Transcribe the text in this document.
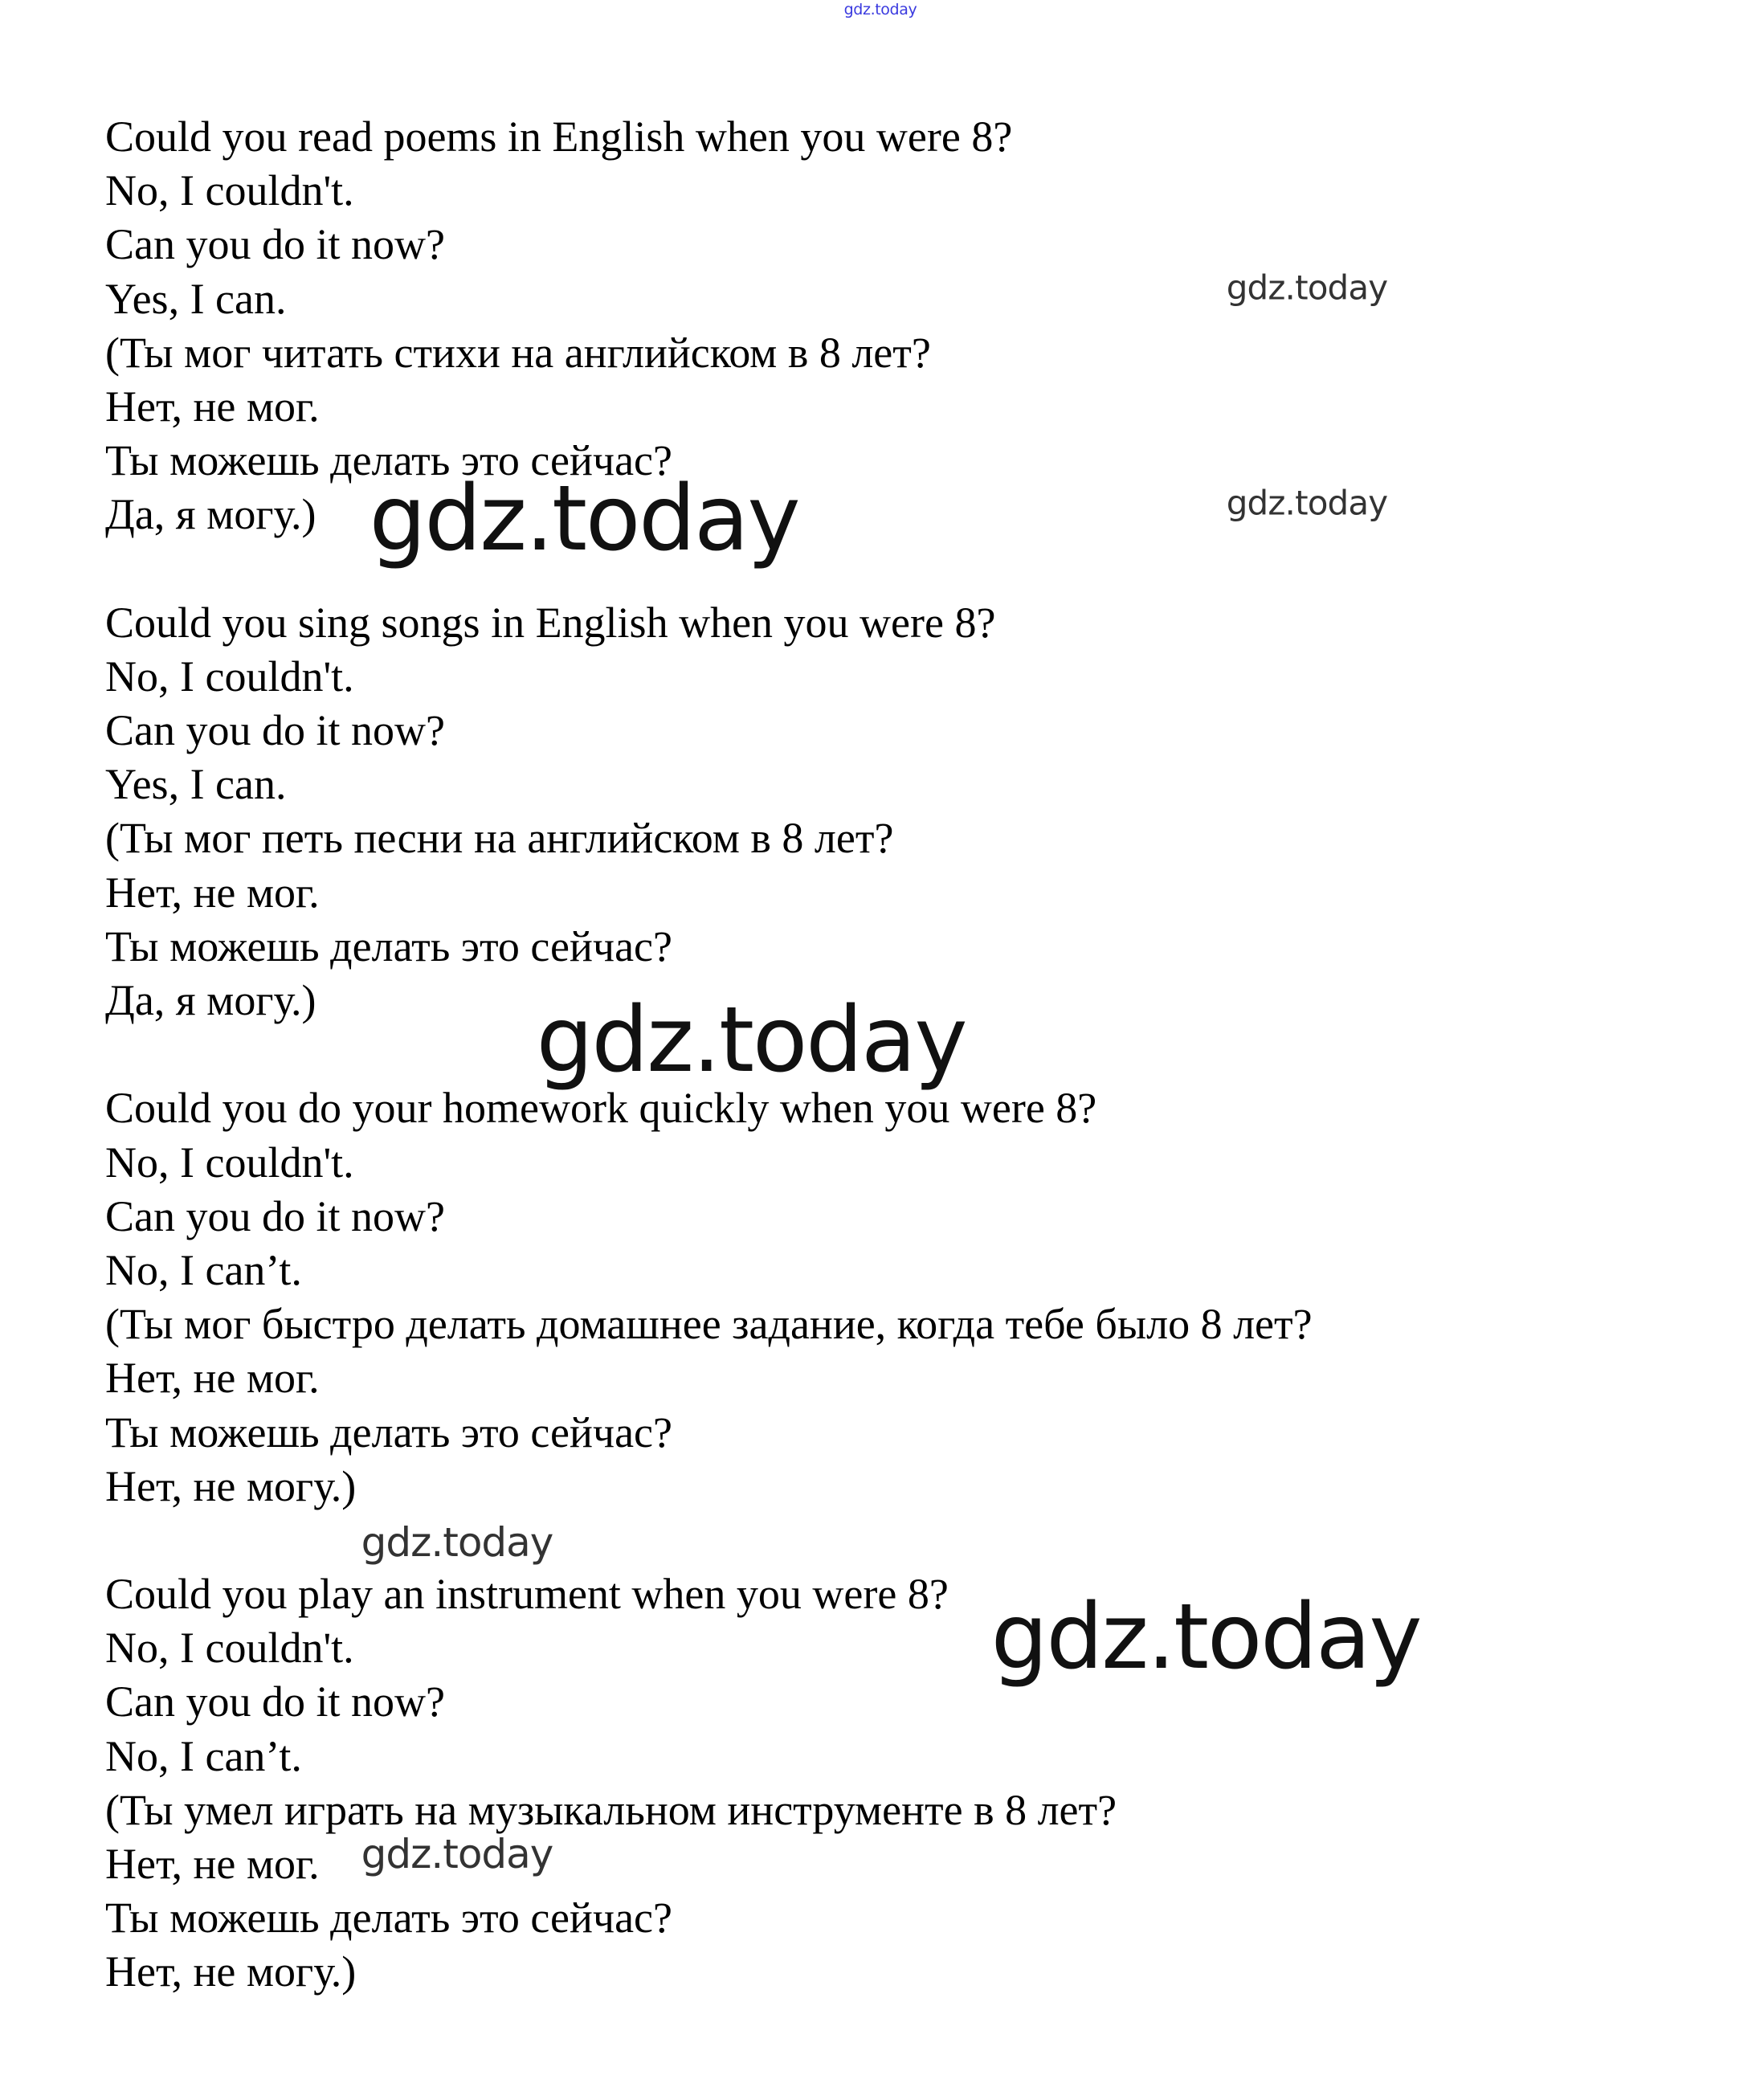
Could you read poems in English when you were 8?
No, I couldn't.
Can you do it now?
Yes, I can.
(Ты мог читать стихи на английском в 8 лет?
Нет, не мог.
Ты можешь делать это сейчас?
Да, я могу.)
Could you sing songs in English when you were 8?
No, I couldn't.
Can you do it now?
Yes, I can.
(Ты мог петь песни на английском в 8 лет?
Нет, не мог.
Ты можешь делать это сейчас?
Да, я могу.)
Could you do your homework quickly when you were 8?
No, I couldn't.
Can you do it now?
No, I can’t.
(Ты мог быстро делать домашнее задание, когда тебе было 8 лет?
Нет, не мог.
Ты можешь делать это сейчас?
Нет, не могу.)
Could you play an instrument when you were 8?
No, I couldn't.
Can you do it now?
No, I can’t.
(Ты умел играть на музыкальном инструменте в 8 лет?
Нет, не мог.
Ты можешь делать это сейчас?
Нет, не могу.)
gdz.today
gdz.today
gdz.today
gdz.today
gdz.today
gdz.today
gdz.today
gdz.today
